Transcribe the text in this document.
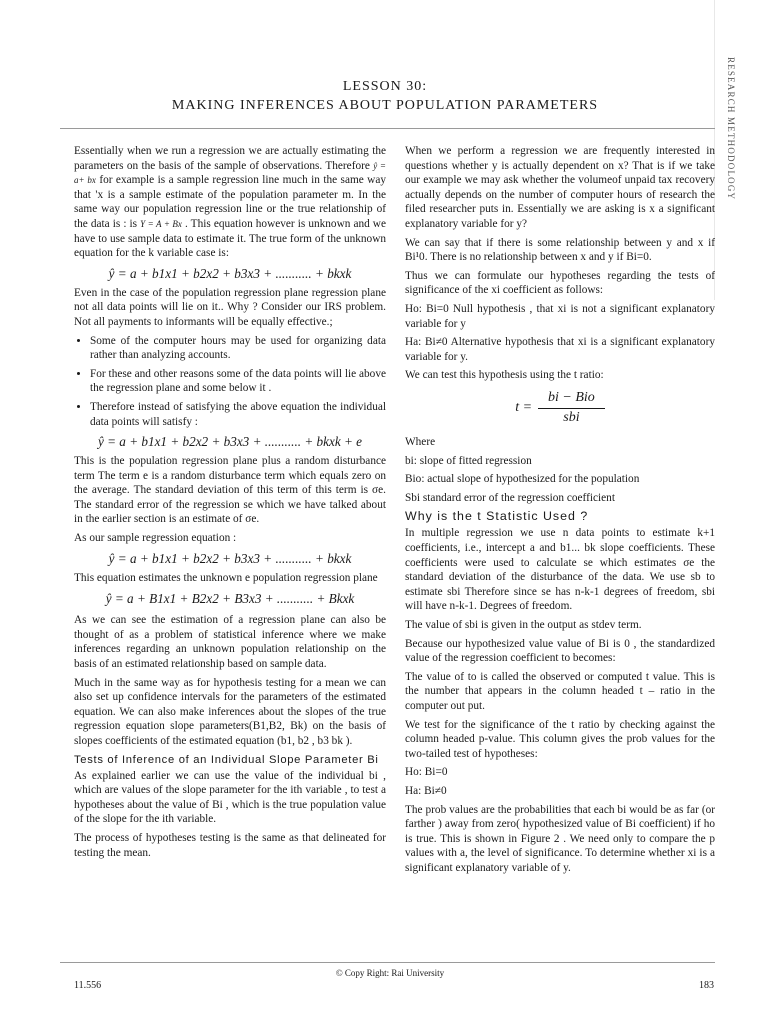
RESEARCH METHODOLOGY
LESSON 30:
MAKING INFERENCES ABOUT POPULATION PARAMETERS

Essentially when we run a regression we are actually estimating the parameters on the basis of the sample of observations. Therefore ŷ = a+ bx for example is a sample regression line much in the same way that 'x is a sample estimate of the population parameter m. In the same way our population regression line or the true relationship of the data is : is Y = A + Bx . This equation however is unknown and we have to use sample data to estimate it. The true form of the unknown equation for the k variable case is:

ŷ = a + b1x1 + b2x2 + b3x3 + ........... + bkxk

Even in the case of the population regression plane regression plane not all data points will lie on it.. Why ? Consider our IRS problem. Not all payments to informants will be equally effective.;

• Some of the computer hours may be used for organizing data rather than analyzing accounts.
• For these and other reasons some of the data points will lie above the regression plane and some below it .
• Therefore instead of satisfying the above equation the individual data points will satisfy :
ŷ = a + b1x1 + b2x2 + b3x3 + ........... + bkxk + e

This is the population regression plane plus a random disturbance term The term e is a random disturbance term which equals zero on the average. The standard deviation of this term of this term is σe. The standard error of the regression se which we have talked about in the earlier section is an estimate of σe.

As our sample regression equation :

ŷ = a + b1x1 + b2x2 + b3x3 + ........... + bkxk

This equation estimates the unknown e population regression plane

ŷ = a + B1x1 + B2x2 + B3x3 + ........... + Bkxk

As we can see the estimation of a regression plane can also be thought of as a problem of statistical inference where we make inferences regarding an unknown population relationship on the basis of an estimated relationship based on sample data.

Much in the same way as for hypothesis testing for a mean we can also set up confidence intervals for the parameters of the estimated equation. We can also make inferences about the slopes of the true regression equation slope parameters(B1,B2, Bk) on the basis of slopes coefficients of the estimated equation (b1, b2 , b3 bk ).

Tests of Inference of an Individual Slope Parameter Bi

As explained earlier we can use the value of the individual bi , which are values of the slope parameter for the ith variable , to test a hypotheses about the value of Bi , which is the true population value of the slope for the ith variable.

The process of hypotheses testing is the same as that delineated for testing the mean.

When we perform a regression we are frequently interested in questions whether y is actually dependent on x? That is if we take our example we may ask whether the volumeof unpaid tax recovery actually depends on the number of computer hours of research the filed researcher puts in. Essentially we are asking is x a significant explanatory variable for y?

We can say that if there is some relationship between y and x if Bi¹0. There is no relationship between x and y if Bi=0.

Thus we can formulate our hypotheses regarding the tests of significance of the xi coefficient as follows:

Ho: Bi=0 Null hypothesis , that xi is not a significant explanatory variable for y

Ha: Bi≠0 Alternative hypothesis that xi is a significant explanatory variable for y.

We can test this hypothesis using the t ratio:

$t = \frac{\text{bi − Bio}}{\text{sbi}}$

Where

bi: slope of fitted regression

Bio: actual slope of hypothesized for the population

Sbi standard error of the regression coefficient

Why is the t Statistic Used ?

In multiple regression we use n data points to estimate k+1 coefficients, i.e., intercept a and b1... bk slope coefficients. These coefficients were used to calculate se which estimates σe the standard deviation of the disturbance of the data. We use sb to estimate sbi Therefore since se has n-k-1 degrees of freedom, sbi will have n-k-1. Degrees of freedom.

The value of sbi is given in the output as stdev term.

Because our hypothesized value value of Bi is 0 , the standardized value of the regression coefficient to becomes:

The value of to is called the observed or computed t value. This is the number that appears in the column headed t – ratio in the computer out put.

We test for the significance of the t ratio by checking against the column headed p-value. This column gives the prob values for the two-tailed test of hypotheses:

Ho: Bi=0

Ha: Bi≠0

The prob values are the probabilities that each bi would be as far (or farther ) away from zero( hypothesized value of Bi coefficient) if ho is true. This is shown in Figure 2 . We need only to compare the p values with a, the level of significance. To determine whether xi is a significant explanatory variable of y.

11.556
© Copy Right: Rai University
183
